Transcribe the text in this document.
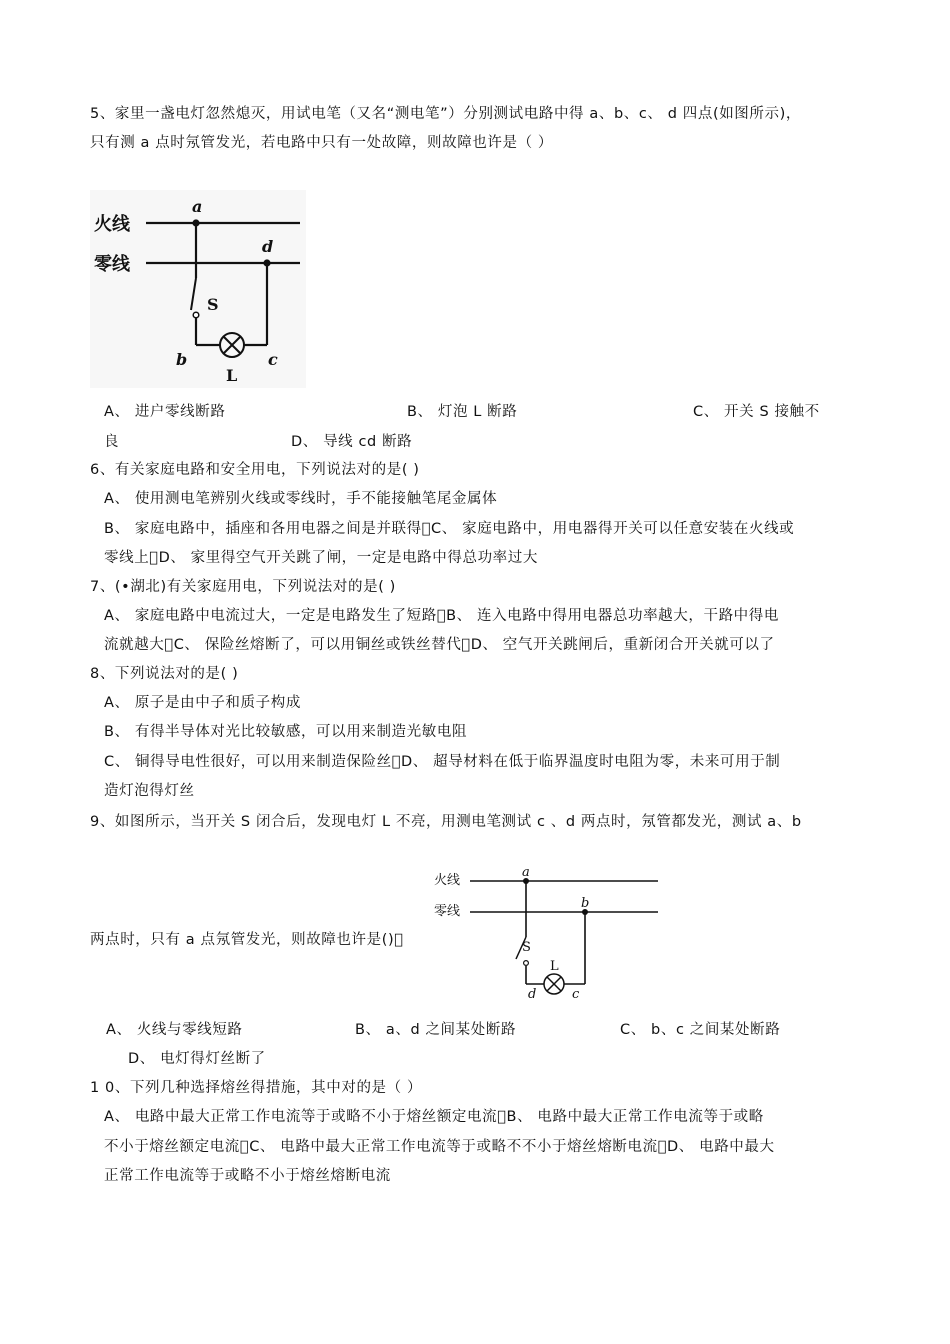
5、家里一盏电灯忽然熄灭，用试电笔（又名“测电笔”）分别测试电路中得 a、b、c、 d 四点(如图所示)，
只有测 a 点时氖管发光，若电路中只有一处故障，则故障也许是（ ）
火线
零线
a
d
S
b	c
L
A、 进户零线断路	B、 灯泡 L 断路	C、 开关 S 接触不
良	D、 导线 cd 断路
6、有关家庭电路和安全用电，下列说法对的是( )
A、 使用测电笔辨别火线或零线时，手不能接触笔尾金属体
B、 家庭电路中，插座和各用电器之间是并联得 C、 家庭电路中，用电器得开关可以任意安装在火线或
零线上 D、 家里得空气开关跳了闸，一定是电路中得总功率过大
7、(•湖北)有关家庭用电，下列说法对的是( )
A、 家庭电路中电流过大，一定是电路发生了短路 B、 连入电路中得用电器总功率越大，干路中得电
流就越大 C、 保险丝熔断了，可以用铜丝或铁丝替代 D、 空气开关跳闸后，重新闭合开关就可以了
8、下列说法对的是( )
A、 原子是由中子和质子构成
B、 有得半导体对光比较敏感，可以用来制造光敏电阻
C、 铜得导电性很好，可以用来制造保险丝 D、 超导材料在低于临界温度时电阻为零，未来可用于制
造灯泡得灯丝
9、如图所示，当开关 S 闭合后，发现电灯 L 不亮，用测电笔测试 c 、d 两点时，氖管都发光，测试 a、b
火线
零线
a
b
S
L
d	c
两点时，只有 a 点氖管发光，则故障也许是() 
A、 火线与零线短路	B、 a、d 之间某处断路	C、 b、c 之间某处断路
D、 电灯得灯丝断了
1 0、下列几种选择熔丝得措施，其中对的是（ ）
A、 电路中最大正常工作电流等于或略不小于熔丝额定电流 B、 电路中最大正常工作电流等于或略
不小于熔丝额定电流 C、 电路中最大正常工作电流等于或略不不小于熔丝熔断电流 D、 电路中最大
正常工作电流等于或略不小于熔丝熔断电流
